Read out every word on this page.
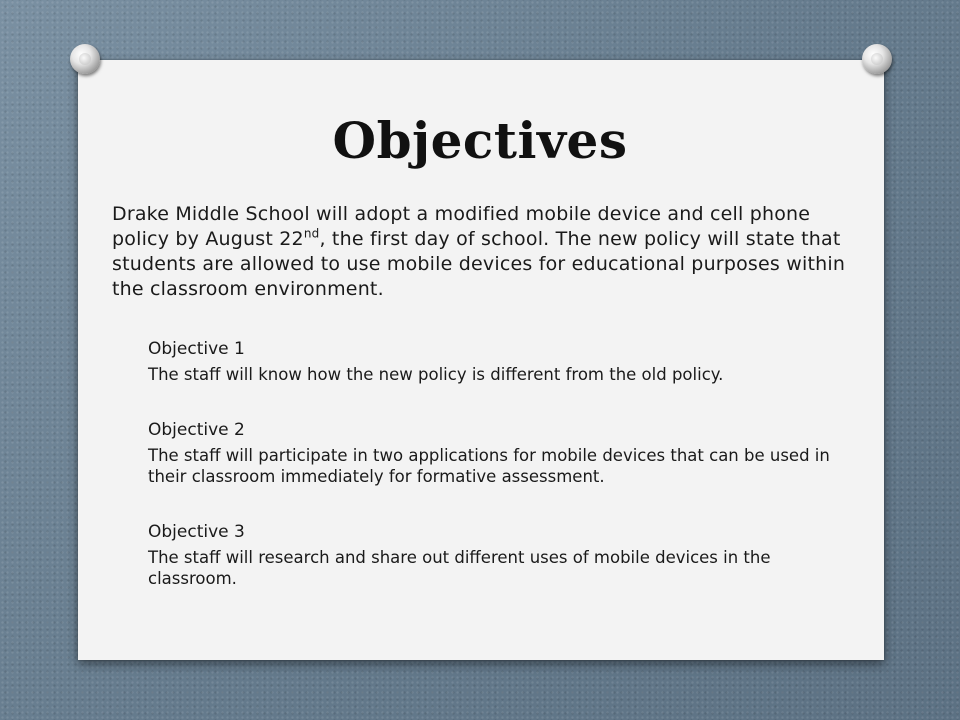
Objectives

Drake Middle School will adopt a modified mobile device and cell phone policy by August 22nd, the first day of school. The new policy will state that students are allowed to use mobile devices for educational purposes within the classroom environment.

Objective 1
The staff will know how the new policy is different from the old policy.
Objective 2
The staff will participate in two applications for mobile devices that can be used in their classroom immediately for formative assessment.
Objective 3
The staff will research and share out different uses of mobile devices in the classroom.
